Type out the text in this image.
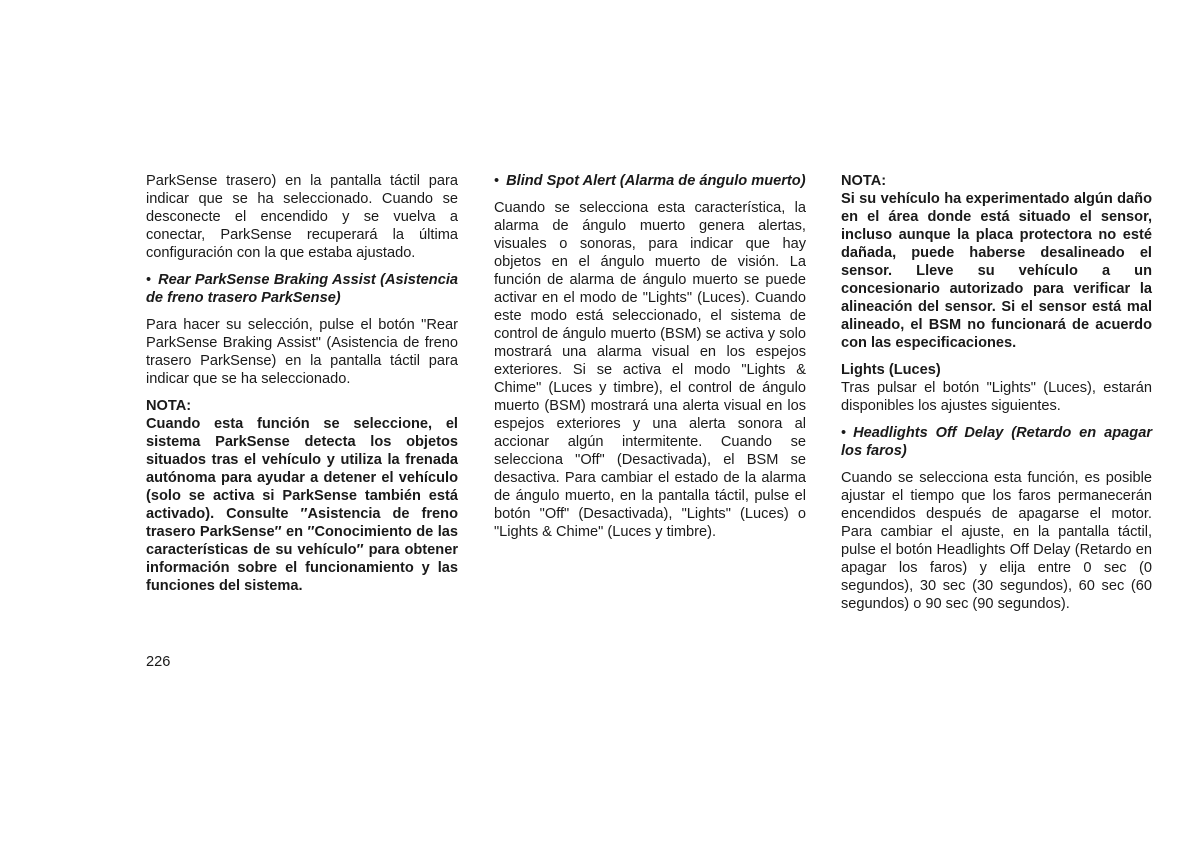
ParkSense trasero) en la pantalla táctil para indicar que se ha seleccionado. Cuando se desconecte el encendido y se vuelva a conectar, ParkSense recuperará la última configuración con la que estaba ajustado.

• Rear ParkSense Braking Assist (Asistencia de freno trasero ParkSense)

Para hacer su selección, pulse el botón "Rear ParkSense Braking Assist" (Asistencia de freno trasero ParkSense) en la pantalla táctil para indicar que se ha seleccionado.

NOTA:

Cuando esta función se seleccione, el sistema ParkSense detecta los objetos situados tras el vehículo y utiliza la frenada autónoma para ayudar a detener el vehículo (solo se activa si ParkSense también está activado). Consulte ″Asistencia de freno trasero ParkSense″ en ″Conocimiento de las características de su vehículo″ para obtener información sobre el funcionamiento y las funciones del sistema.

• Blind Spot Alert (Alarma de ángulo muerto)

Cuando se selecciona esta característica, la alarma de ángulo muerto genera alertas, visuales o sonoras, para indicar que hay objetos en el ángulo muerto de visión. La función de alarma de ángulo muerto se puede activar en el modo de "Lights" (Luces). Cuando este modo está seleccionado, el sistema de control de ángulo muerto (BSM) se activa y solo mostrará una alarma visual en los espejos exteriores. Si se activa el modo "Lights & Chime" (Luces y timbre), el control de ángulo muerto (BSM) mostrará una alerta visual en los espejos exteriores y una alerta sonora al accionar algún intermitente. Cuando se selecciona "Off" (Desactivada), el BSM se desactiva. Para cambiar el estado de la alarma de ángulo muerto, en la pantalla táctil, pulse el botón "Off" (Desactivada), "Lights" (Luces) o "Lights & Chime" (Luces y timbre).

NOTA:

Si su vehículo ha experimentado algún daño en el área donde está situado el sensor, incluso aunque la placa protectora no esté dañada, puede haberse desalineado el sensor. Lleve su vehículo a un concesionario autorizado para verificar la alineación del sensor. Si el sensor está mal alineado, el BSM no funcionará de acuerdo con las especificaciones.

Lights (Luces)

Tras pulsar el botón "Lights" (Luces), estarán disponibles los ajustes siguientes.

• Headlights Off Delay (Retardo en apagar los faros)

Cuando se selecciona esta función, es posible ajustar el tiempo que los faros permanecerán encendidos después de apagarse el motor. Para cambiar el ajuste, en la pantalla táctil, pulse el botón Headlights Off Delay (Retardo en apagar los faros) y elija entre 0 sec (0 segundos), 30 sec (30 segundos), 60 sec (60 segundos) o 90 sec (90 segundos).

226
